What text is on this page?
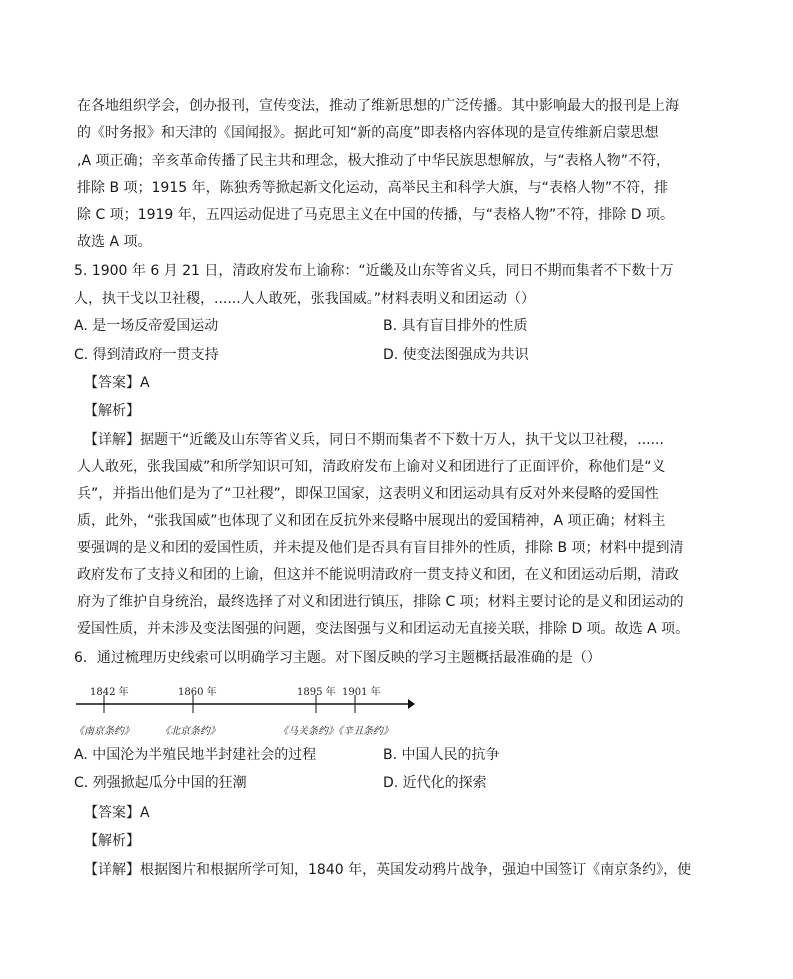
在各地组织学会，创办报刊，宣传变法，推动了维新思想的广泛传播。其中影响最大的报刊是上海
的《时务报》和天津的《国闻报》。据此可知“新的高度”即表格内容体现的是宣传维新启蒙思想
,A 项正确；辛亥革命传播了民主共和理念，极大推动了中华民族思想解放，与“表格人物”不符，
排除 B 项；1915 年，陈独秀等掀起新文化运动，高举民主和科学大旗，与“表格人物”不符，排
除 C 项；1919 年，五四运动促进了马克思主义在中国的传播，与“表格人物”不符，排除 D 项。
故选 A 项。
5. 1900 年 6 月 21 日，清政府发布上谕称：“近畿及山东等省义兵，同日不期而集者不下数十万
人，执干戈以卫社稷，......人人敢死，张我国威。”材料表明义和团运动（）
A. 是一场反帝爱国运动	B. 具有盲目排外的性质
C. 得到清政府一贯支持	D. 使变法图强成为共识
【答案】A
【解析】
【详解】据题干“近畿及山东等省义兵，同日不期而集者不下数十万人，执干戈以卫社稷，......
人人敢死，张我国威”和所学知识可知，清政府发布上谕对义和团进行了正面评价，称他们是“义
兵”，并指出他们是为了“卫社稷”，即保卫国家，这表明义和团运动具有反对外来侵略的爱国性
质，此外，“张我国威”也体现了义和团在反抗外来侵略中展现出的爱国精神，A 项正确；材料主
要强调的是义和团的爱国性质，并未提及他们是否具有盲目排外的性质，排除 B 项；材料中提到清
政府发布了支持义和团的上谕，但这并不能说明清政府一贯支持义和团，在义和团运动后期，清政
府为了维护自身统治，最终选择了对义和团进行镇压，排除 C 项；材料主要讨论的是义和团运动的
爱国性质，并未涉及变法图强的问题，变法图强与义和团运动无直接关联，排除 D 项。故选 A 项。
6．通过梳理历史线索可以明确学习主题。对下图反映的学习主题概括最准确的是（）
1842 年	1860 年	1895 年 1901 年
《南京条约》	《北京条约》	《马关条约》《辛丑条约》
A. 中国沦为半殖民地半封建社会的过程	B. 中国人民的抗争
C. 列强掀起瓜分中国的狂潮	D. 近代化的探索
【答案】A
【解析】
【详解】根据图片和根据所学可知，1840 年，英国发动鸦片战争，强迫中国签订《南京条约》，使
